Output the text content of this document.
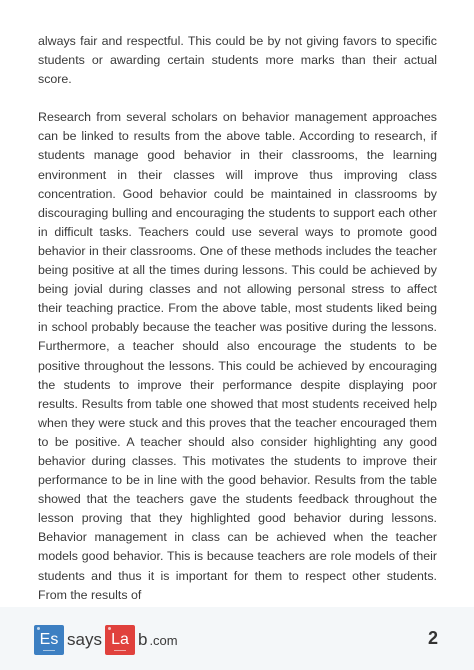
always fair and respectful. This could be by not giving favors to specific students or awarding certain students more marks than their actual score.

Research from several scholars on behavior management approaches can be linked to results from the above table. According to research, if students manage good behavior in their classrooms, the learning environment in their classes will improve thus improving class concentration. Good behavior could be maintained in classrooms by discouraging bulling and encouraging the students to support each other in difficult tasks. Teachers could use several ways to promote good behavior in their classrooms. One of these methods includes the teacher being positive at all the times during lessons. This could be achieved by being jovial during classes and not allowing personal stress to affect their teaching practice. From the above table, most students liked being in school probably because the teacher was positive during the lessons. Furthermore, a teacher should also encourage the students to be positive throughout the lessons. This could be achieved by encouraging the students to improve their performance despite displaying poor results. Results from table one showed that most students received help when they were stuck and this proves that the teacher encouraged them to be positive. A teacher should also consider highlighting any good behavior during classes. This motivates the students to improve their performance to be in line with the good behavior. Results from the table showed that the teachers gave the students feedback throughout the lesson proving that they highlighted good behavior during lessons. Behavior management in class can be achieved when the teacher models good behavior. This is because teachers are role models of their students and thus it is important for them to respect other students. From the results of

Es says La b .com	2
